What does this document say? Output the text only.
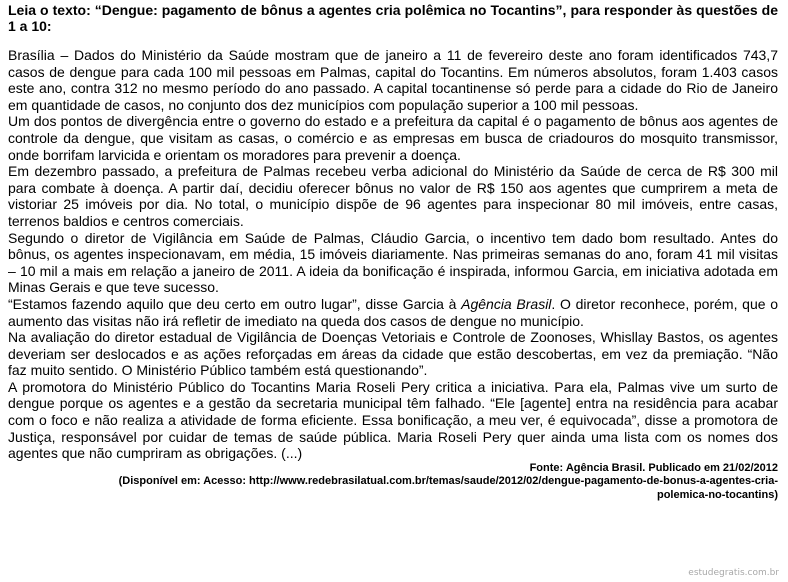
Leia o texto: “Dengue: pagamento de bônus a agentes cria polêmica no Tocantins”, para responder às questões de 1 a 10:

Brasília – Dados do Ministério da Saúde mostram que de janeiro a 11 de fevereiro deste ano foram identificados 743,7 casos de dengue para cada 100 mil pessoas em Palmas, capital do Tocantins. Em números absolutos, foram 1.403 casos este ano, contra 312 no mesmo período do ano passado. A capital tocantinense só perde para a cidade do Rio de Janeiro em quantidade de casos, no conjunto dos dez municípios com população superior a 100 mil pessoas.

Um dos pontos de divergência entre o governo do estado e a prefeitura da capital é o pagamento de bônus aos agentes de controle da dengue, que visitam as casas, o comércio e as empresas em busca de criadouros do mosquito transmissor, onde borrifam larvicida e orientam os moradores para prevenir a doença.

Em dezembro passado, a prefeitura de Palmas recebeu verba adicional do Ministério da Saúde de cerca de R$ 300 mil para combate à doença. A partir daí, decidiu oferecer bônus no valor de R$ 150 aos agentes que cumprirem a meta de vistoriar 25 imóveis por dia. No total, o município dispõe de 96 agentes para inspecionar 80 mil imóveis, entre casas, terrenos baldios e centros comerciais.

Segundo o diretor de Vigilância em Saúde de Palmas, Cláudio Garcia, o incentivo tem dado bom resultado. Antes do bônus, os agentes inspecionavam, em média, 15 imóveis diariamente. Nas primeiras semanas do ano, foram 41 mil visitas – 10 mil a mais em relação a janeiro de 2011. A ideia da bonificação é inspirada, informou Garcia, em iniciativa adotada em Minas Gerais e que teve sucesso.

“Estamos fazendo aquilo que deu certo em outro lugar”, disse Garcia à Agência Brasil. O diretor reconhece, porém, que o aumento das visitas não irá refletir de imediato na queda dos casos de dengue no município.

Na avaliação do diretor estadual de Vigilância de Doenças Vetoriais e Controle de Zoonoses, Whisllay Bastos, os agentes deveriam ser deslocados e as ações reforçadas em áreas da cidade que estão descobertas, em vez da premiação. “Não faz muito sentido. O Ministério Público também está questionando”.

A promotora do Ministério Público do Tocantins Maria Roseli Pery critica a iniciativa. Para ela, Palmas vive um surto de dengue porque os agentes e a gestão da secretaria municipal têm falhado. “Ele [agente] entra na residência para acabar com o foco e não realiza a atividade de forma eficiente. Essa bonificação, a meu ver, é equivocada”, disse a promotora de Justiça, responsável por cuidar de temas de saúde pública. Maria Roseli Pery quer ainda uma lista com os nomes dos agentes que não cumpriram as obrigações. (...)

Fonte: Agência Brasil. Publicado em 21/02/2012

(Disponível em: Acesso: http://www.redebrasilatual.com.br/temas/saude/2012/02/dengue-pagamento-de-bonus-a-agentes-cria-

polemica-no-tocantins)

estudegratis.com.br
